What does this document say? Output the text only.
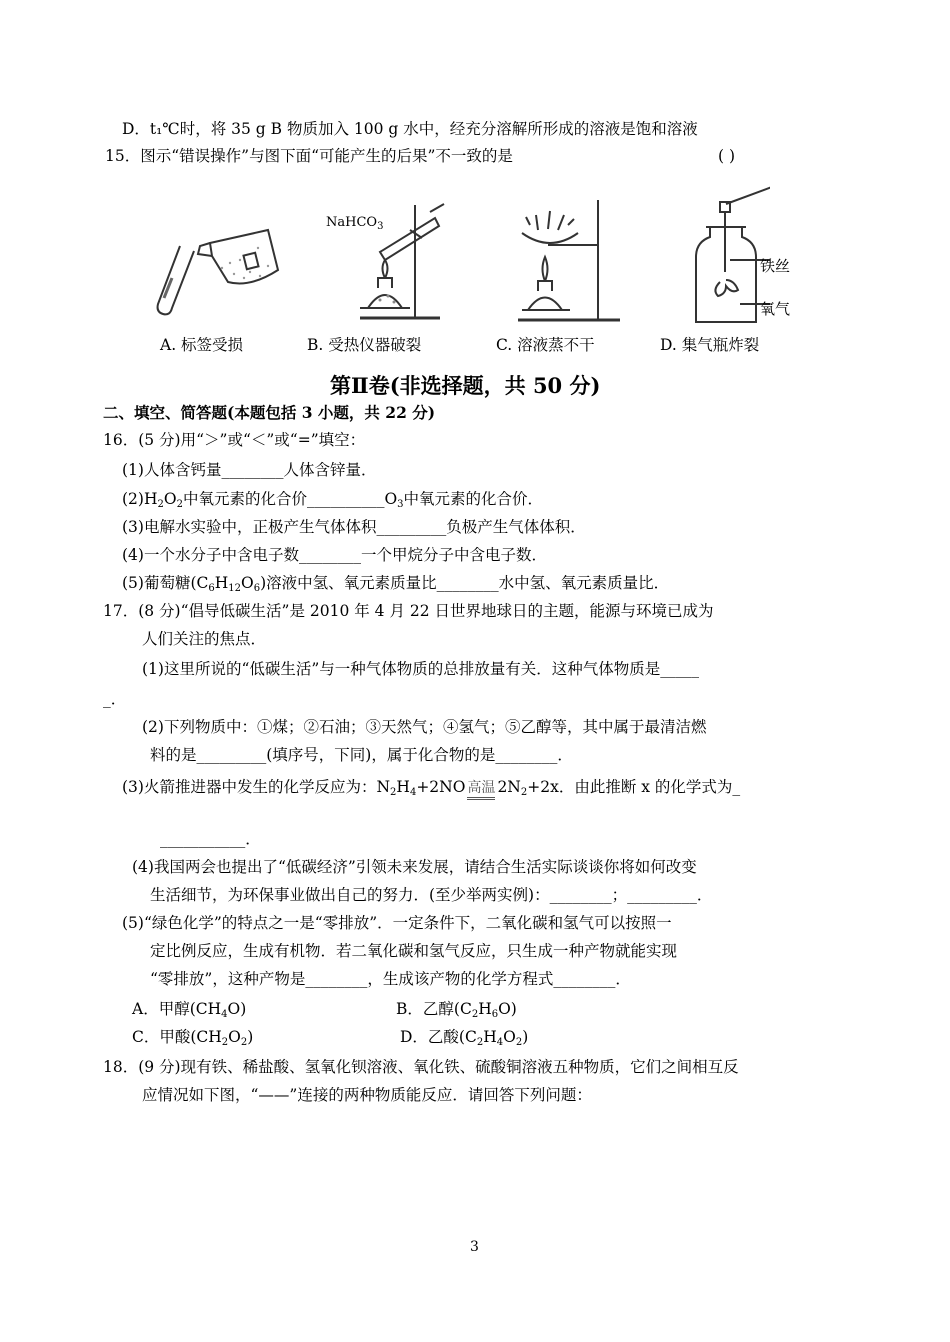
D．t₁℃时，将 35 g B 物质加入 100 g 水中，经充分溶解所形成的溶液是饱和溶液
15．图示“错误操作”与图下面“可能产生的后果”不一致的是	( )
NaHCO$_3$
铁丝
氧气
A. 标签受损	B. 受热仪器破裂	C. 溶液蒸不干	D. 集气瓶炸裂
第Ⅱ卷(非选择题，共 50 分)
二、填空、简答题(本题包括 3 小题，共 22 分)
16．(5 分)用“＞”或“＜”或“=”填空：
(1)人体含钙量________人体含锌量．
$(2)H_2O_2$中氧元素的化合价$\_\_\_\_\_\_\_\_\_\_O_3$中氧元素的化合价．
(3)电解水实验中，正极产生气体体积_________负极产生气体体积．
(4)一个水分子中含电子数________一个甲烷分子中含电子数．
(5)葡萄糖$(C_6H_{12}O_6)$溶液中氢、氧元素质量比________水中氢、氧元素质量比．
17．(8 分)“倡导低碳生活”是 2010 年 4 月 22 日世界地球日的主题，能源与环境已成为
人们关注的焦点．
(1)这里所说的“低碳生活”与一种气体物质的总排放量有关．这种气体物质是_____
_．
(2)下列物质中：①煤；②石油；③天然气；④氢气；⑤乙醇等，其中属于最清洁燃
料的是_________(填序号，下同)，属于化合物的是________．
(3)火箭推进器中发生的化学反应为：$N_2H_4+2NO$ 高温 $2N_2+2x$．由此推断 x 的化学式为_
___________．
(4)我国两会也提出了“低碳经济”引领未来发展，请结合生活实际谈谈你将如何改变
生活细节，为环保事业做出自己的努力．(至少举两实例)：________；_________．
(5)“绿色化学”的特点之一是“零排放”．一定条件下，二氧化碳和氢气可以按照一
定比例反应，生成有机物．若二氧化碳和氢气反应，只生成一种产物就能实现
“零排放”，这种产物是________，生成该产物的化学方程式________．
A．甲醇$(CH_4O)$	B．乙醇$(C_2H_6O)$
C．甲酸$(CH_2O_2)$	D．乙酸$(C_2H_4O_2)$
18．(9 分)现有铁、稀盐酸、氢氧化钡溶液、氧化铁、硫酸铜溶液五种物质，它们之间相互反
应情况如下图，“——”连接的两种物质能反应．请回答下列问题：
3
